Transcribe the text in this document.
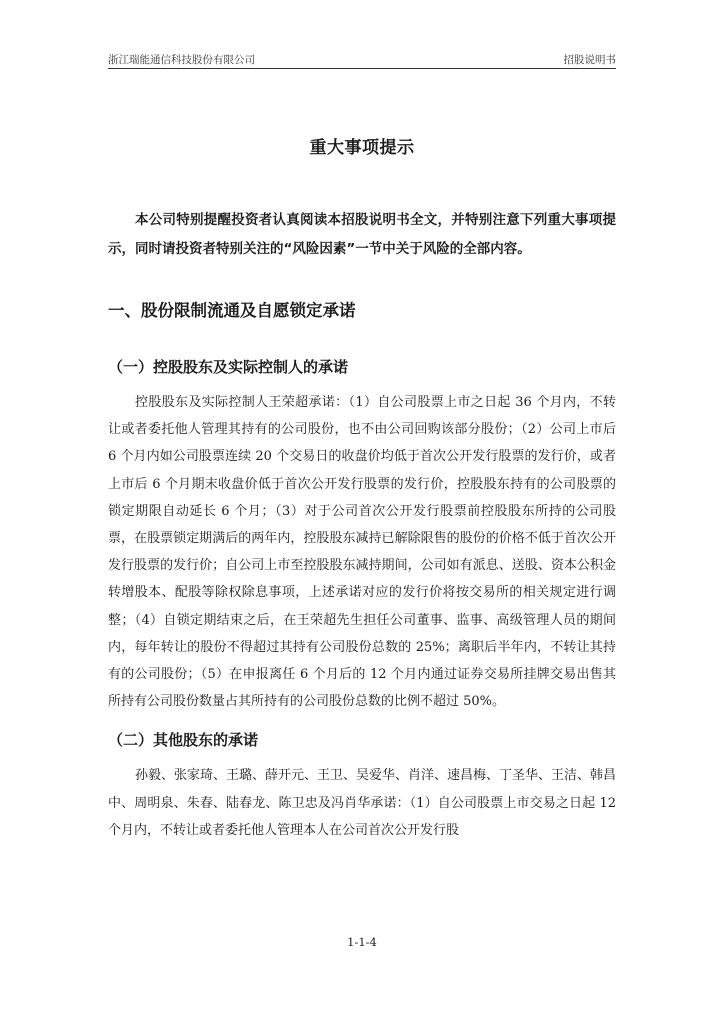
浙江瑞能通信科技股份有限公司	招股说明书
重大事项提示

本公司特别提醒投资者认真阅读本招股说明书全文，并特别注意下列重大事项提示，同时请投资者特别关注的“风险因素”一节中关于风险的全部内容。

一、股份限制流通及自愿锁定承诺
（一）控股股东及实际控制人的承诺

控股股东及实际控制人王荣超承诺：（1）自公司股票上市之日起 36 个月内，不转让或者委托他人管理其持有的公司股份，也不由公司回购该部分股份；（2）公司上市后 6 个月内如公司股票连续 20 个交易日的收盘价均低于首次公开发行股票的发行价，或者上市后 6 个月期末收盘价低于首次公开发行股票的发行价，控股股东持有的公司股票的锁定期限自动延长 6 个月；（3）对于公司首次公开发行股票前控股股东所持的公司股票，在股票锁定期满后的两年内，控股股东减持已解除限售的股份的价格不低于首次公开发行股票的发行价；自公司上市至控股股东减持期间，公司如有派息、送股、资本公积金转增股本、配股等除权除息事项，上述承诺对应的发行价将按交易所的相关规定进行调整；（4）自锁定期结束之后，在王荣超先生担任公司董事、监事、高级管理人员的期间内，每年转让的股份不得超过其持有公司股份总数的 25%；离职后半年内，不转让其持有的公司股份；（5）在申报离任 6 个月后的 12 个月内通过证券交易所挂牌交易出售其所持有公司股份数量占其所持有的公司股份总数的比例不超过 50%。

（二）其他股东的承诺

孙毅、张家琦、王璐、薛开元、王卫、吴爱华、肖洋、速昌梅、丁圣华、王洁、韩昌中、周明泉、朱春、陆春龙、陈卫忠及冯肖华承诺：（1）自公司股票上市交易之日起 12 个月内，不转让或者委托他人管理本人在公司首次公开发行股

1-1-4
